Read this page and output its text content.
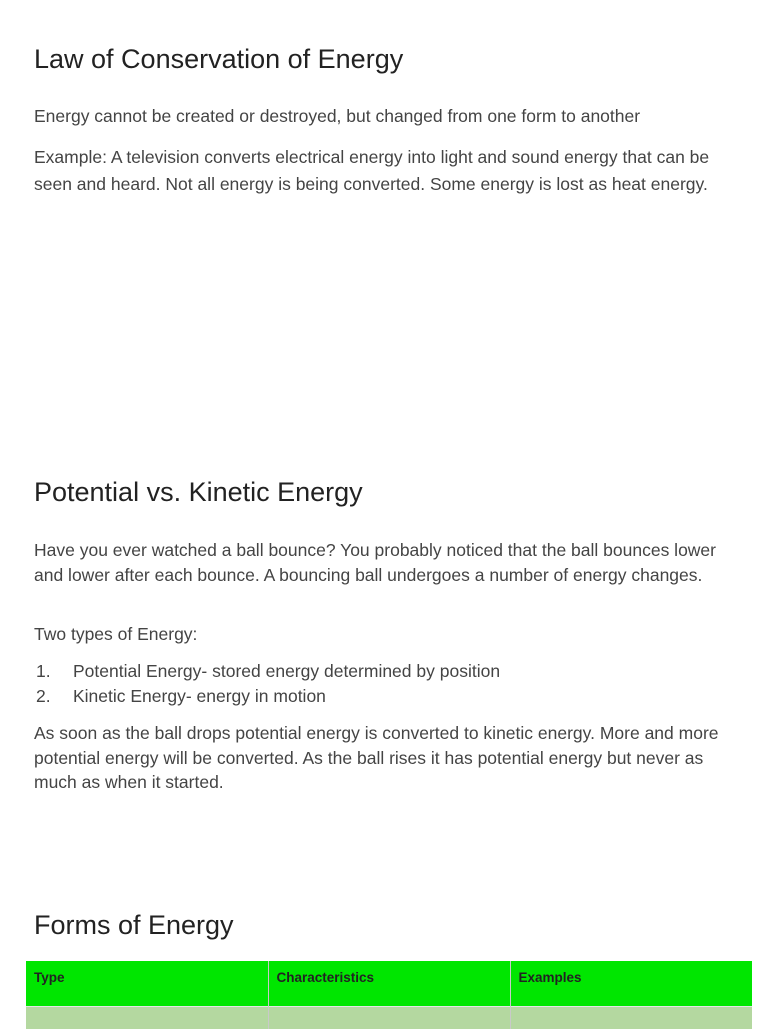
Law of Conservation of Energy

Energy cannot be created or destroyed, but changed from one form to another

Example: A television converts electrical energy into light and sound energy that can be seen and heard. Not all energy is being converted. Some energy is lost as heat energy.

Potential vs. Kinetic Energy

Have you ever watched a ball bounce? You probably noticed that the ball bounces lower and lower after each bounce. A bouncing ball undergoes a number of energy changes.

Two types of Energy:

1. Potential Energy- stored energy determined by position
2. Kinetic Energy- energy in motion

As soon as the ball drops potential energy is converted to kinetic energy. More and more potential energy will be converted. As the ball rises it has potential energy but never as much as when it started.

Forms of Energy
Type	Characteristics	Examples
